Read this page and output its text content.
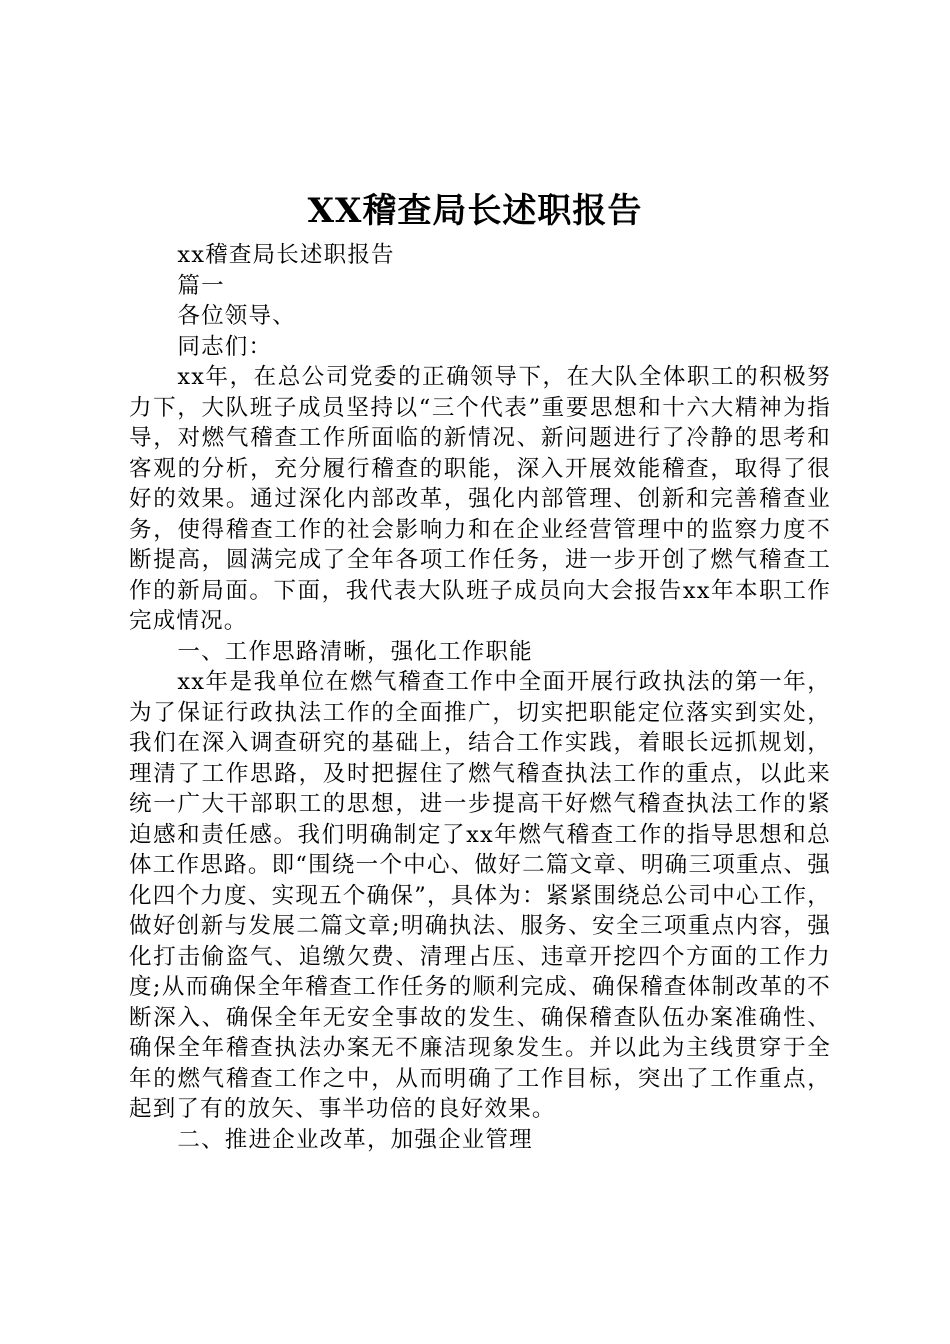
XX稽查局长述职报告

xx稽查局长述职报告

篇一

各位领导、

同志们：

xx年，在总公司党委的正确领导下，在大队全体职工的积极努力下，大队班子成员坚持以“三个代表”重要思想和十六大精神为指导，对燃气稽查工作所面临的新情况、新问题进行了冷静的思考和客观的分析，充分履行稽查的职能，深入开展效能稽查，取得了很好的效果。通过深化内部改革，强化内部管理、创新和完善稽查业务，使得稽查工作的社会影响力和在企业经营管理中的监察力度不断提高，圆满完成了全年各项工作任务，进一步开创了燃气稽查工作的新局面。下面，我代表大队班子成员向大会报告xx年本职工作完成情况。

一、工作思路清晰，强化工作职能

xx年是我单位在燃气稽查工作中全面开展行政执法的第一年，为了保证行政执法工作的全面推广，切实把职能定位落实到实处，我们在深入调查研究的基础上，结合工作实践，着眼长远抓规划，理清了工作思路，及时把握住了燃气稽查执法工作的重点，以此来统一广大干部职工的思想，进一步提高干好燃气稽查执法工作的紧迫感和责任感。我们明确制定了xx年燃气稽查工作的指导思想和总体工作思路。即“围绕一个中心、做好二篇文章、明确三项重点、强化四个力度、实现五个确保”，具体为：紧紧围绕总公司中心工作，做好创新与发展二篇文章;明确执法、服务、安全三项重点内容，强化打击偷盗气、追缴欠费、清理占压、违章开挖四个方面的工作力度;从而确保全年稽查工作任务的顺利完成、确保稽查体制改革的不断深入、确保全年无安全事故的发生、确保稽查队伍办案准确性、确保全年稽查执法办案无不廉洁现象发生。并以此为主线贯穿于全年的燃气稽查工作之中，从而明确了工作目标，突出了工作重点，起到了有的放矢、事半功倍的良好效果。

二、推进企业改革，加强企业管理
